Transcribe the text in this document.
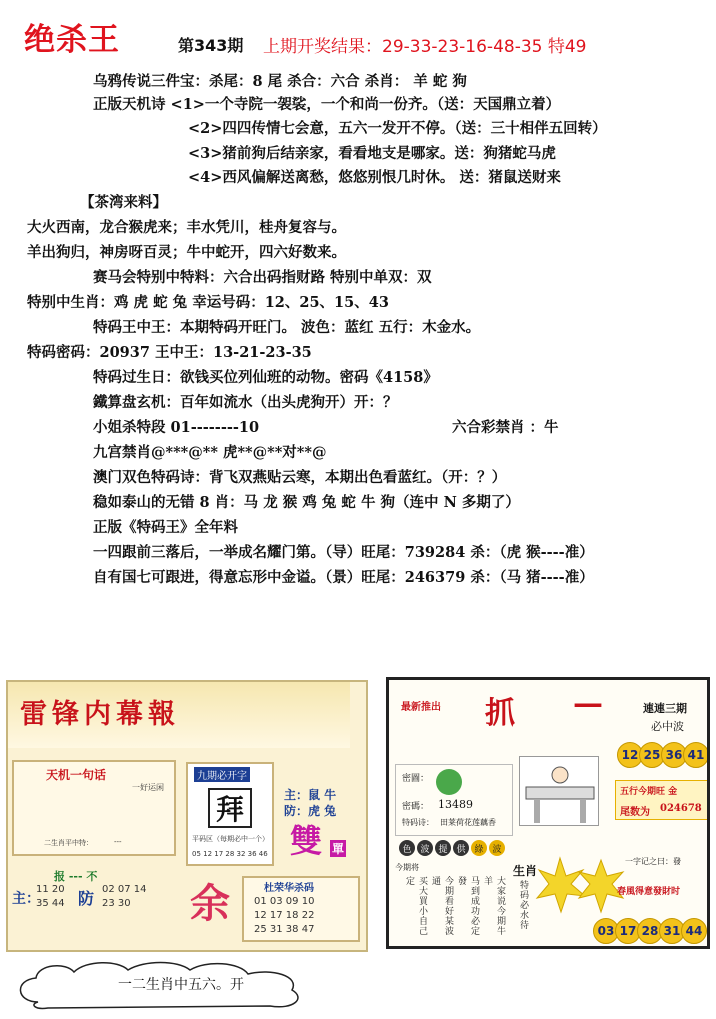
绝杀王	第343期 上期开奖结果：29-33-23-16-48-35 特49
乌鸦传说三件宝：杀尾：8 尾 杀合：六合 杀肖： 羊 蛇 狗
正版天机诗 <1>一个寺院一袈裟，一个和尚一份齐。（送：天国鼎立着）
<2>四四传情七会意，五六一发开不停。（送：三十相伴五回转）
<3>猪前狗后结亲家，看看地支是哪家。送：狗猪蛇马虎
<4>西风偏解送离愁，悠悠别恨几时休。 送：猪鼠送财来
【茶湾来料】
大火西南，龙合猴虎来；丰水凭川，桂舟复容与。
羊出狗归，神房呀百灵；牛中蛇开，四六好数来。
赛马会特别中特料：六合出码指财路 特别中单双：双
特别中生肖：鸡 虎 蛇 兔 幸运号码：12、25、15、43
特码王中王：本期特码开旺门。 波色：蓝红 五行：木金水。
特码密码：20937 王中王：13-21-23-35
特码过生日：欲钱买位列仙班的动物。密码《4158》
鐵算盘玄机：百年如流水（出头虎狗开）开：？
小姐杀特段 01--------10	六合彩禁肖 ：牛
九宫禁肖@***@** 虎**@**对**@
澳门双色特码诗：背飞双燕贴云寒，本期出色看蓝红。（开：？）
稳如泰山的无错 8 肖：马 龙 猴 鸡 兔 蛇 牛 狗（连中 N 多期了）
正版《特码王》全年料
一四跟前三落后，一举成名耀门第。（导）旺尾：739284 杀：（虎 猴----准）
自有国七可跟进，得意忘形中金谥。（景）旺尾：246379 杀：（马 猪----准）
雷锋内幕報
天机一句话
一好运闲
二生肖平中特：	---
九期必开字
拜
平码区（每期必中一个）
05 12 17 28 32 36 46
主：鼠 牛
防：虎 兔
雙 單
报 --- 不
主：
11 20
35 44 防 02 07 14
23 30 余	杜荣华杀码
01 03 09 10
12 17 18 22
25 31 38 47
最新推出 抓 —	連連三期
必中波
12 25 36 41
密圖：
密碼： 13489
特码诗： 田莱荷花莲藕香
五行今期旺 金
尾数为 024678
色 波 提 供 綠 波
今期将
买大買小自己定	今期看好某波通	马到成功必定發	大家说今期牛羊
生肖
特码必水待
一字记之曰：發
春風得意發財时
03 17 28 31 44
一二生肖中五六。开
